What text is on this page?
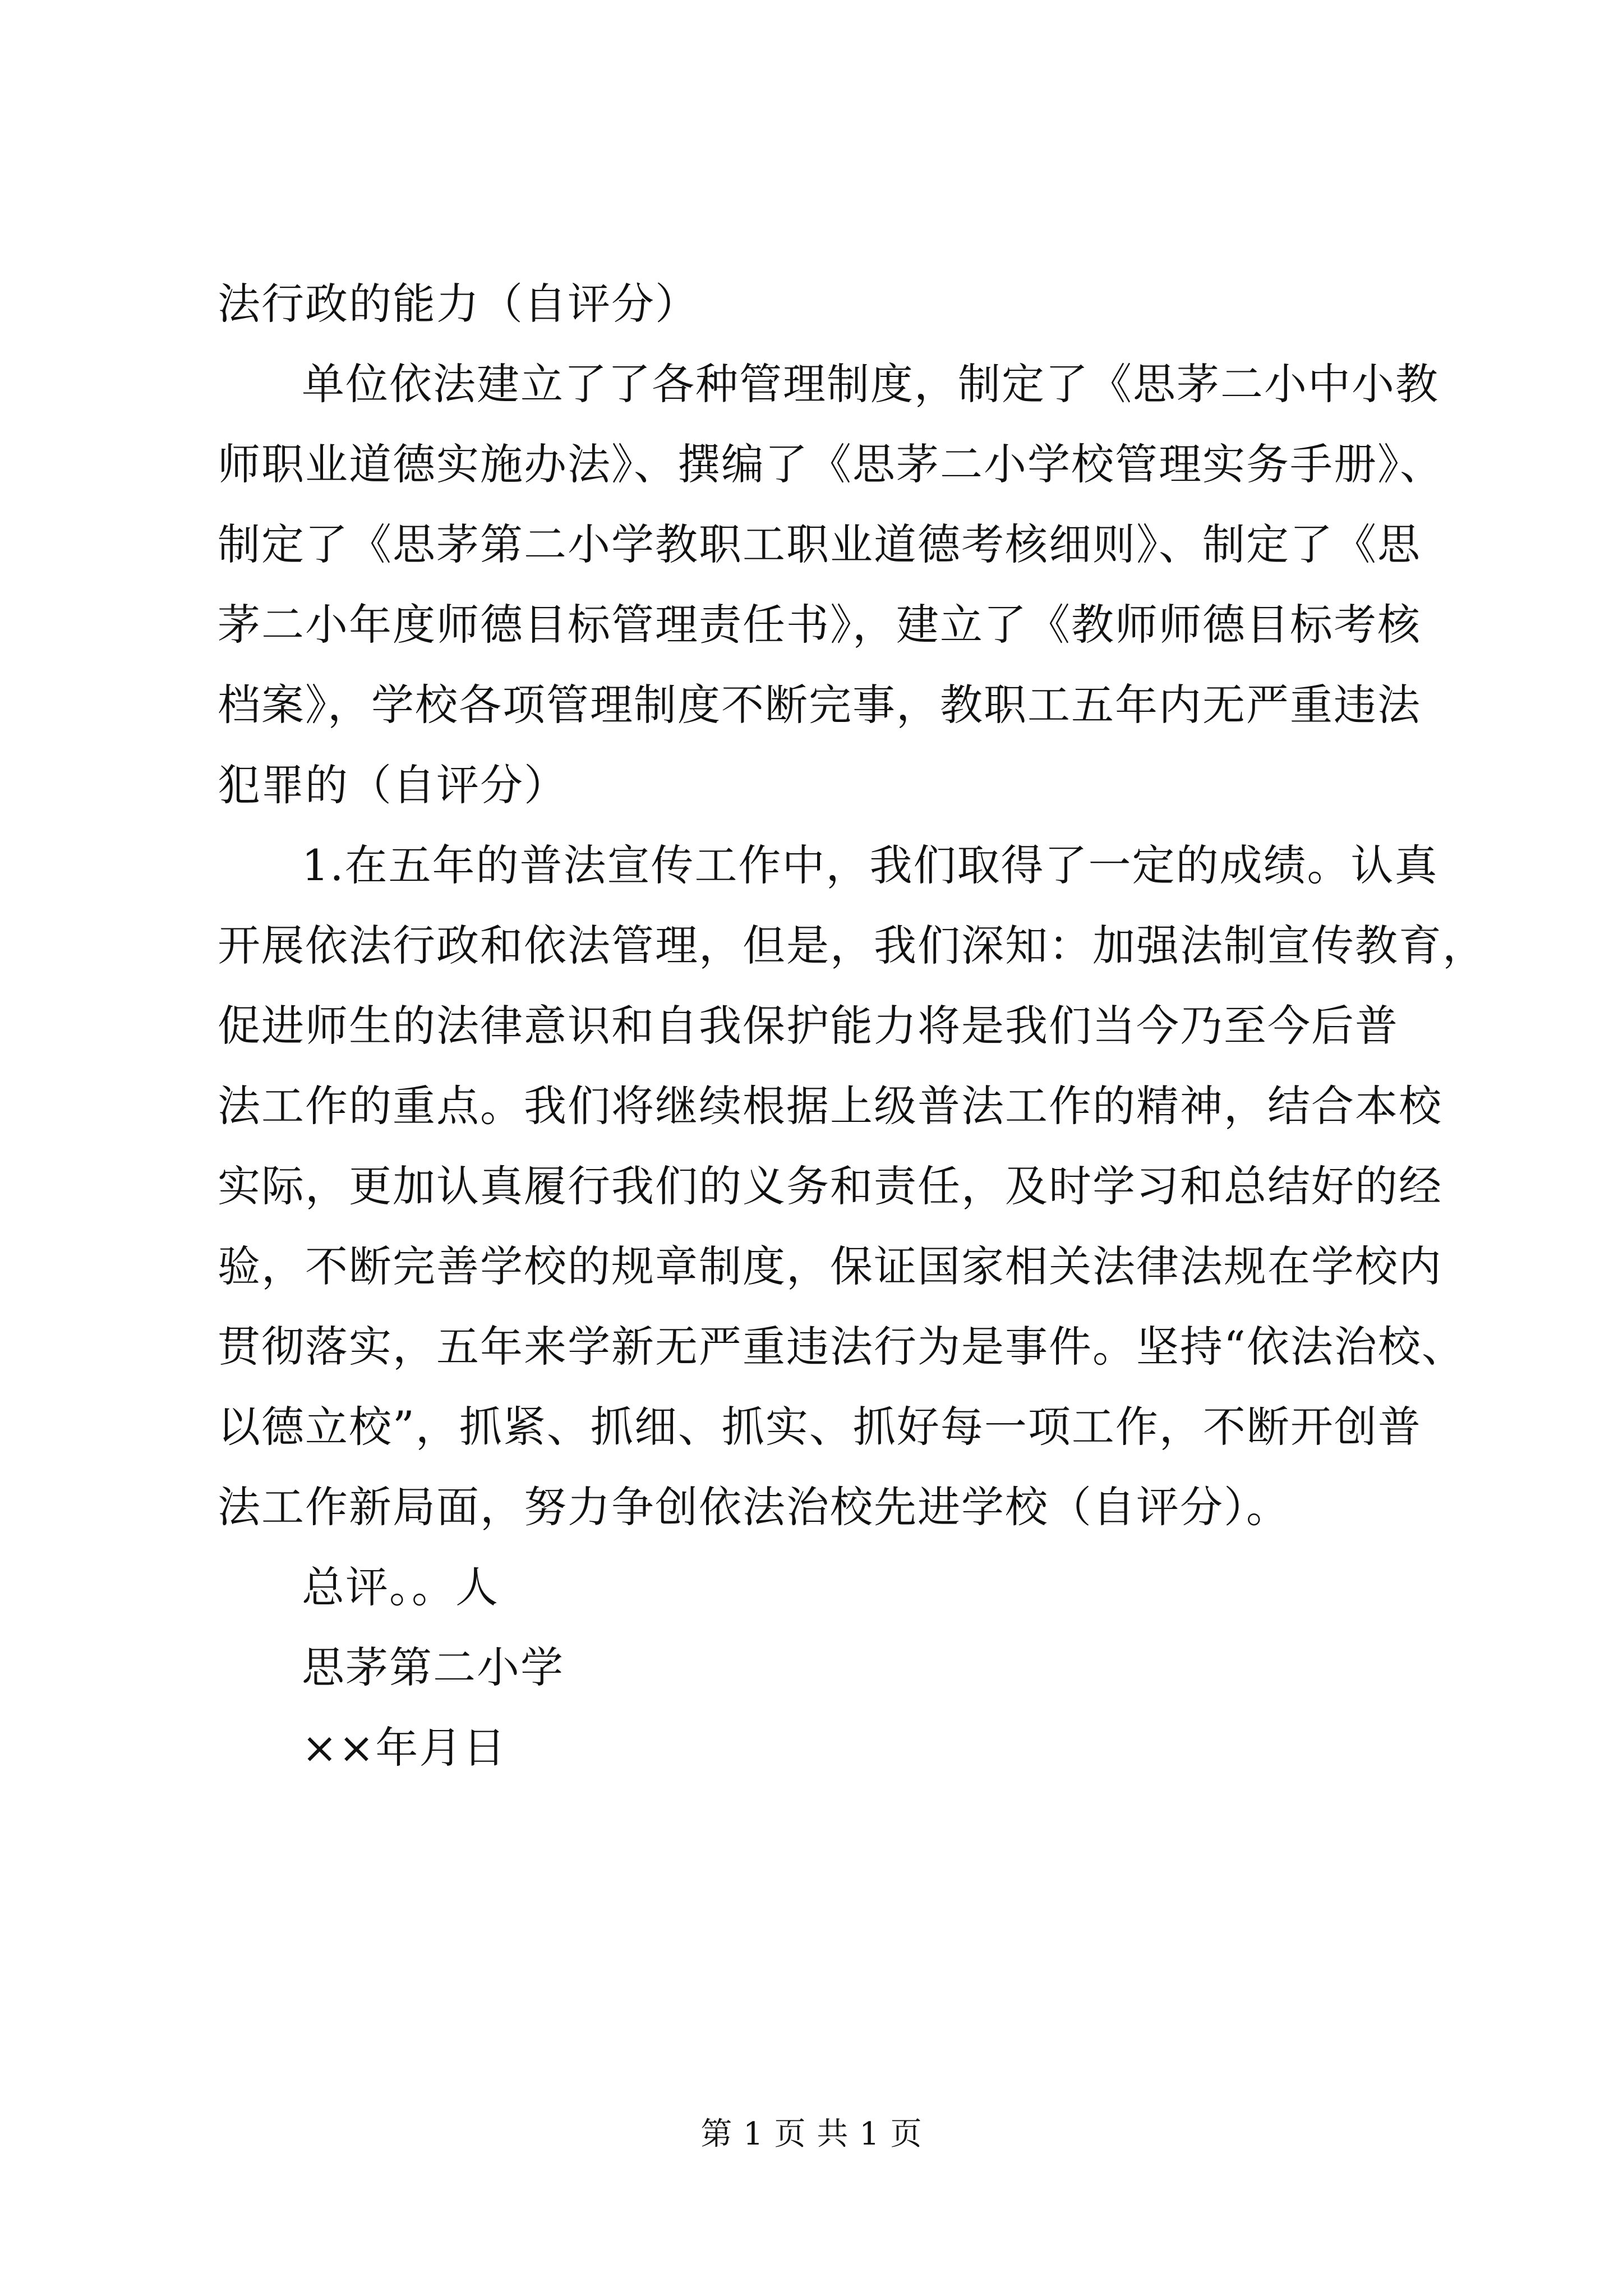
法行政的能力（自评分）
单位依法建立了了各种管理制度，制定了《思茅二小中小教
师职业道德实施办法》、撰编了《思茅二小学校管理实务手册》、
制定了《思茅第二小学教职工职业道德考核细则》、制定了《思
茅二小年度师德目标管理责任书》，建立了《教师师德目标考核
档案》，学校各项管理制度不断完事，教职工五年内无严重违法
犯罪的（自评分）
1.在五年的普法宣传工作中，我们取得了一定的成绩。认真
开展依法行政和依法管理，但是，我们深知：加强法制宣传教育，
促进师生的法律意识和自我保护能力将是我们当今乃至今后普
法工作的重点。我们将继续根据上级普法工作的精神，结合本校
实际，更加认真履行我们的义务和责任，及时学习和总结好的经
验，不断完善学校的规章制度，保证国家相关法律法规在学校内
贯彻落实，五年来学新无严重违法行为是事件。坚持“依法治校、
以德立校”，抓紧、抓细、抓实、抓好每一项工作，不断开创普
法工作新局面，努力争创依法治校先进学校（自评分）。
总评。。人
思茅第二小学
××年月日
第 1 页 共 1 页
